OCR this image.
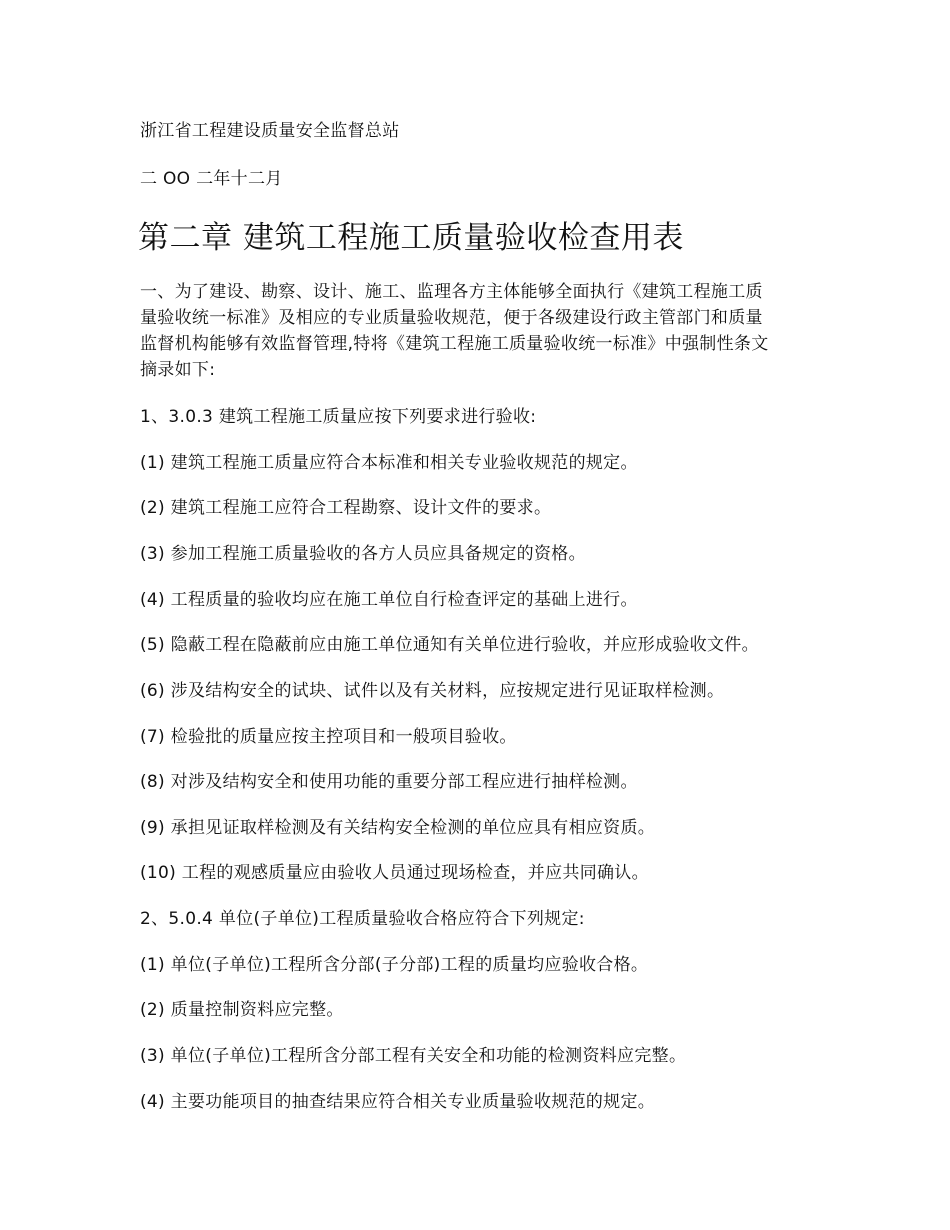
浙江省工程建设质量安全监督总站
二 OO 二年十二月
第二章 建筑工程施工质量验收检查用表
一、为了建设、勘察、设计、施工、监理各方主体能够全面执行《建筑工程施工质
量验收统一标准》及相应的专业质量验收规范，便于各级建设行政主管部门和质量
监督机构能够有效监督管理,特将《建筑工程施工质量验收统一标准》中强制性条文
摘录如下:
1、3.0.3 建筑工程施工质量应按下列要求进行验收:
(1) 建筑工程施工质量应符合本标准和相关专业验收规范的规定。
(2) 建筑工程施工应符合工程勘察、设计文件的要求。
(3) 参加工程施工质量验收的各方人员应具备规定的资格。
(4) 工程质量的验收均应在施工单位自行检查评定的基础上进行。
(5) 隐蔽工程在隐蔽前应由施工单位通知有关单位进行验收，并应形成验收文件。
(6) 涉及结构安全的试块、试件以及有关材料，应按规定进行见证取样检测。
(7) 检验批的质量应按主控项目和一般项目验收。
(8) 对涉及结构安全和使用功能的重要分部工程应进行抽样检测。
(9) 承担见证取样检测及有关结构安全检测的单位应具有相应资质。
(10) 工程的观感质量应由验收人员通过现场检查，并应共同确认。
2、5.0.4 单位(子单位)工程质量验收合格应符合下列规定:
(1) 单位(子单位)工程所含分部(子分部)工程的质量均应验收合格。
(2) 质量控制资料应完整。
(3) 单位(子单位)工程所含分部工程有关安全和功能的检测资料应完整。
(4) 主要功能项目的抽查结果应符合相关专业质量验收规范的规定。
